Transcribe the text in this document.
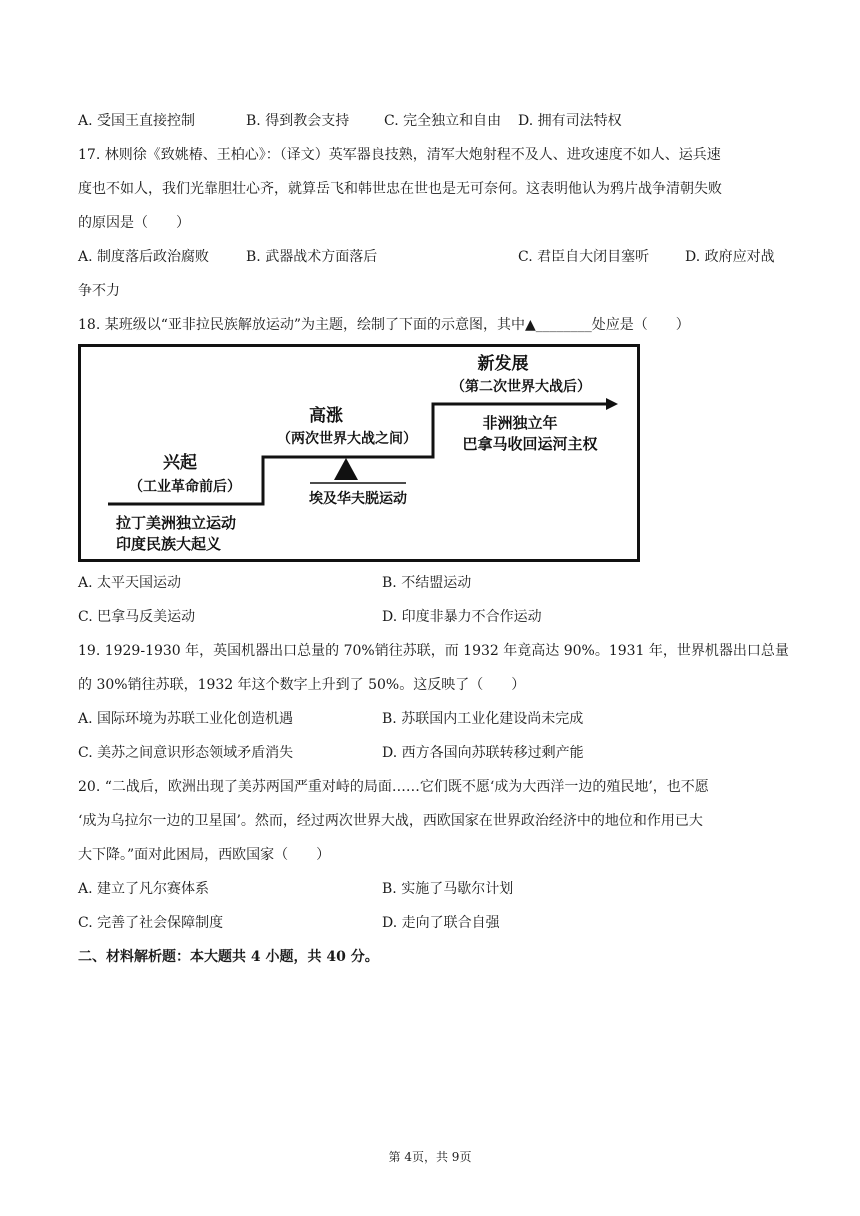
A. 受国王直接控制	B. 得到教会支持 C. 完全独立和自由 D. 拥有司法特权
17. 林则徐《致姚椿、王柏心》：（译文）英军器良技熟，清军大炮射程不及人、进攻速度不如人、运兵速
度也不如人，我们光靠胆壮心齐，就算岳飞和韩世忠在世也是无可奈何。这表明他认为鸦片战争清朝失败
的原因是（　　）
A. 制度落后政治腐败	B. 武器战术方面落后	C. 君臣自大闭目塞听	D. 政府应对战
争不力
18. 某班级以“亚非拉民族解放运动”为主题，绘制了下面的示意图，其中▲________处应是（　　）
兴起
（工业革命前后）
拉丁美洲独立运动
印度民族大起义
高涨
（两次世界大战之间）
埃及华夫脱运动
新发展
（第二次世界大战后）
非洲独立年
巴拿马收回运河主权
A. 太平天国运动	B. 不结盟运动
C. 巴拿马反美运动	D. 印度非暴力不合作运动
19. 1929-1930 年，英国机器出口总量的 70%销往苏联，而 1932 年竟高达 90%。1931 年，世界机器出口总量
的 30%销往苏联，1932 年这个数字上升到了 50%。这反映了（　　）
A. 国际环境为苏联工业化创造机遇	B. 苏联国内工业化建设尚未完成
C. 美苏之间意识形态领域矛盾消失	D. 西方各国向苏联转移过剩产能
20. “二战后，欧洲出现了美苏两国严重对峙的局面……它们既不愿‘成为大西洋一边的殖民地’，也不愿
‘成为乌拉尔一边的卫星国’。然而，经过两次世界大战，西欧国家在世界政治经济中的地位和作用已大
大下降。”面对此困局，西欧国家（　　）
A. 建立了凡尔赛体系	B. 实施了马歇尔计划
C. 完善了社会保障制度	D. 走向了联合自强
二、材料解析题：本大题共 4 小题，共 40 分。
第 4页，共 9页
